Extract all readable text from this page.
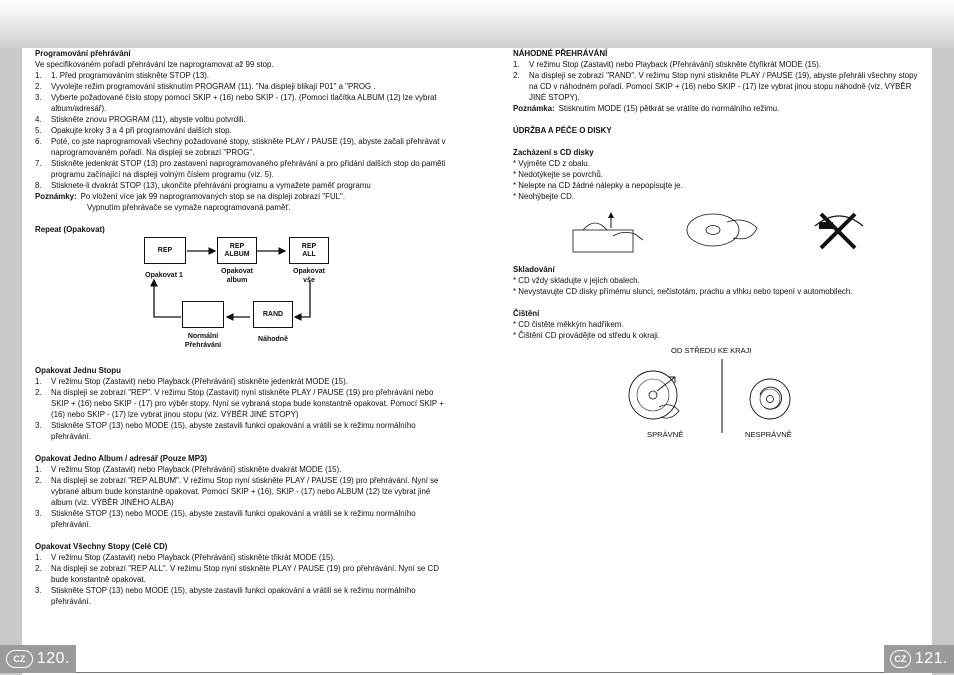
CZ 120.	CZ 121.

Programování přehrávání

Ve specifikovaném pořadí přehrávání lze naprogramovat až 99 stop.

1. 1. Před programováním stiskněte STOP (13).
2. Vyvolejte režim programování stisknutím PROGRAM (11). "Na displeji blikají P01" a "PROG .
3. Vyberte požadované číslo stopy pomocí SKIP + (16) nebo SKIP - (17). (Pomocí tlačítka ALBUM (12) lze vybrat album/adresář).
4. Stiskněte znovu PROGRAM (11), abyste volbu potvrdili.
5. Opakujte kroky 3 a 4 při programování dalších stop.
6. Poté, co jste naprogramovali všechny požadované stopy, stiskněte PLAY / PAUSE (19), abyste začali přehrávat v naprogramovaném pořadí. Na displeji se zobrazí "PROG".
7. Stiskněte jedenkrát STOP (13) pro zastavení naprogramovaného přehrávání a pro přidání dalších stop do paměti programu začínající na displeji volným číslem programu (viz. 5).
8. Stisknete-li dvakrát STOP (13), ukončíte přehrávání programu a vymažete paměť programu
Poznámky: Po vložení více jak 99 naprogramovaných stop se na displeji zobrazí "FUL".

Vypnutím přehrávače se vymaže naprogramovaná paměť.

Repeat (Opakovat)

REP
REP
ALBUM
REP
ALL
RAND
Opakovat 1
Opakovat
album
Opakovat
vše
Normální
Přehrávání
Náhodně

Opakovat Jednu Stopu

1. V režimu Stop (Zastavit) nebo Playback (Přehrávání) stiskněte jedenkrát MODE (15).
2. Na displeji se zobrazí "REP". V režimu Stop (Zastavit) nyní stiskněte PLAY / PAUSE (19) pro přehrávání nebo SKIP + (16) nebo SKIP - (17) pro výběr stopy. Nyní se vybraná stopa bude konstantně opakovat. Pomocí SKIP + (16) nebo SKIP - (17) lze vybrat jinou stopu (viz. VÝBĚR JINÉ STOPY)
3. Stiskněte STOP (13) nebo MODE (15), abyste zastavili funkci opakování a vrátili se k režimu normálního přehrávání.

Opakovat Jedno Album / adresář (Pouze MP3)

1. V režimu Stop (Zastavit) nebo Playback (Přehrávání) stiskněte dvakrát MODE (15).
2. Na displeji se zobrazí "REP ALBUM". V režimu Stop nyní stiskněte PLAY / PAUSE (19) pro přehrávání. Nyní se vybrané album bude konstantně opakovat. Pomocí SKIP + (16), SKIP - (17) nebo ALBUM (12) lze vybrat jiné album (viz. VÝBĚR JINÉHO ALBA)
3. Stiskněte STOP (13) nebo MODE (15), abyste zastavili funkci opakování a vrátili se k režimu normálního přehrávání.

Opakovat Všechny Stopy (Celé CD)

1. V režimu Stop (Zastavit) nebo Playback (Přehrávání) stiskněte třikrát MODE (15).
2. Na displeji se zobrazí "REP ALL". V režimu Stop nyní stiskněte PLAY / PAUSE (19) pro přehrávání. Nyní se CD bude konstantně opakovat.
3. Stiskněte STOP (13) nebo MODE (15), abyste zastavili funkci opakování a vrátili se k režimu normálního přehrávání.

NÁHODNÉ PŘEHRÁVÁNÍ

1. V režimu Stop (Zastavit) nebo Playback (Přehrávání) stiskněte čtyřikrát MODE (15).
2. Na displeji se zobrazí "RAND". V režimu Stop nyní stiskněte PLAY / PAUSE (19), abyste přehráli všechny stopy na CD v náhodném pořadí. Pomocí SKIP + (16) nebo SKIP - (17) lze vybrat jinou stopu náhodně (viz. VÝBĚR JINÉ STOPY).
Poznámka: Stisknutím MODE (15) pětkrát se vrátíte do normálního režimu.

ÚDRŽBA A PÉČE O DISKY

Zacházení s CD disky

* Vyjměte CD z obalu.

* Nedotýkejte se povrchů.

* Nelepte na CD žádné nálepky a nepopisujte je.

* Neohýbejte CD.

Skladování

* CD vždy skladujte v jejich obalech.

* Nevystavujte CD disky přímému slunci, nečistotám, prachu a vlhku nebo topení v automobilech.

Čištění

* CD čistěte měkkým hadříkem.

* Čištění CD provádějte od středu k okraji.

OD STŘEDU KE KRAJI
SPRÁVNĚ	NESPRÁVNĚ
